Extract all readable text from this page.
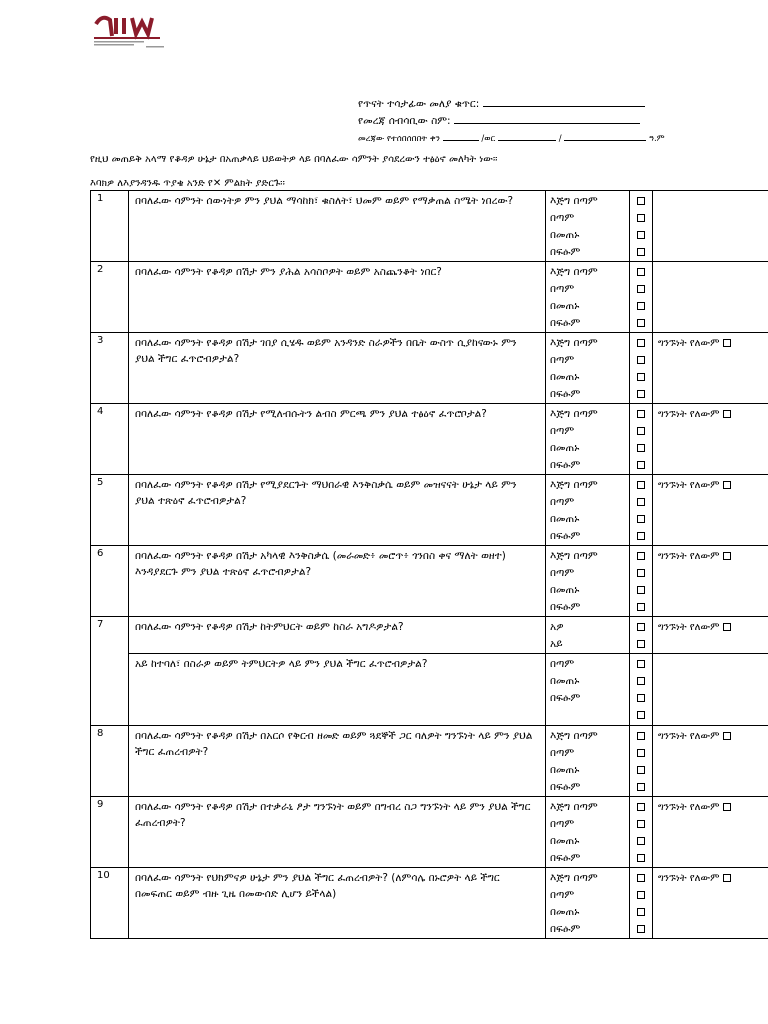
የጥናት ተሳታፊው መለያ ቁጥር:
የመረጃ ሰብሳቢው ስም:
መረጃው የተሰበሰበበት ቀን	/ወር	/	ዓ.ም
የዚህ መጠይቅ አላማ የቆዳዎ ሁኔታ በአጠቃላይ ህይወትዎ ላይ በባለፈው ሳምንት ያሳደረውን ተፅዕኖ መለካት ነው፡፡
እባክዎ ለእያንዳንዱ ጥያቄ አንድ የ✕ ምልክት ያድርጉ፡፡
1	በባለፈው ሳምንት ሰውነትዎ ምን ያህል ማሳከክ፣ ቁስለት፣ ህመም ወይም የማቃጠል ስሜት ነበረው?	እጅግ በጣም
በጣም
በመጠኑ
በፍፁም		

2	በባለፈው ሳምንት የቆዳዎ በሽታ ምን ያሕል አሳስቦዎት ወይም አስጨንቆት ነበር?	እጅግ በጣም
በጣም
በመጠኑ
በፍፁም		

3	በባለፈው ሳምንት የቆዳዎ በሽታ ገበያ ሲሄዱ ወይም አንዳንድ ስራዎችን በቤት ውስጥ ሲያከናውኑ ምን ያህል ችግር ፈጥሮብዎታል?	እጅግ በጣም
በጣም
በመጠኑ
በፍፁም		ግንኙነት የለውም
4	በባለፈው ሳምንት የቆዳዎ በሽታ የሚለብሱትን ልብስ ምርጫ ምን ያህል ተፅዕኖ ፈጥሮቦታል?	እጅግ በጣም
በጣም
በመጠኑ
በፍፁም		ግንኙነት የለውም
5	በባለፈው ሳምንት የቆዳዎ በሽታ የሚያደርጉት ማህበራዊ እንቅስቃሴ ወይም መዝናናት ሁኔታ ላይ ምን ያህል ተጽዕኖ ፈጥሮብዎታል?	እጅግ በጣም
በጣም
በመጠኑ
በፍፁም		ግንኙነት የለውም
6	በባለፈው ሳምንት የቆዳዎ በሽታ አካላዊ እንቅስቃሴ (መራመድ፥ መሮጥ፥ ጎንበስ ቀና ማለት ወዘተ) እንዳያደርጉ ምን ያህል ተጽዕኖ ፈጥሮብዎታል?	እጅግ በጣም
በጣም
በመጠኑ
በፍፁም		ግንኙነት የለውም
7	በባለፈው ሳምንት የቆዳዎ በሽታ ከትምህርት ወይም ከስራ አግዶዎታል?	አዎ
አይ		ግንኙነት የለውም
	አይ ከተባለ፣ በስራዎ ወይም ትምህርትዎ ላይ ምን ያህል ችግር ፈጥሮብዎታል?	በጣም
በመጠኑ
በፍፁም		

8	በባለፈው ሳምንት የቆዳዎ በሽታ በአርሶ የቅርብ ዘመድ ወይም ጓደኞች ጋር ባለዎት ግንኙነት ላይ ምን ያህል ችግር ፈጠረብዎት?	እጅግ በጣም
በጣም
በመጠኑ
በፍፁም		ግንኙነት የለውም
9	በባለፈው ሳምንት የቆዳዎ በሽታ በተቃራኒ ፆታ ግንኙነት ወይም በግብረ ስጋ ግንኙነት ላይ ምን ያህል ችግር ፈጠረብዎት?	እጅግ በጣም
በጣም
በመጠኑ
በፍፁም		ግንኙነት የለውም
10	በባለፈው ሳምንት የህክምናዎ ሁኔታ ምን ያህል ችግር ፈጠረብዎት? (ለምሳሌ በኑሮዎት ላይ ችግር በመፍጠር ወይም ብዙ ጊዜ በመውሰድ ሊሆን ይችላል)	እጅግ በጣም
በጣም
በመጠኑ
በፍፁም		ግንኙነት የለውም
